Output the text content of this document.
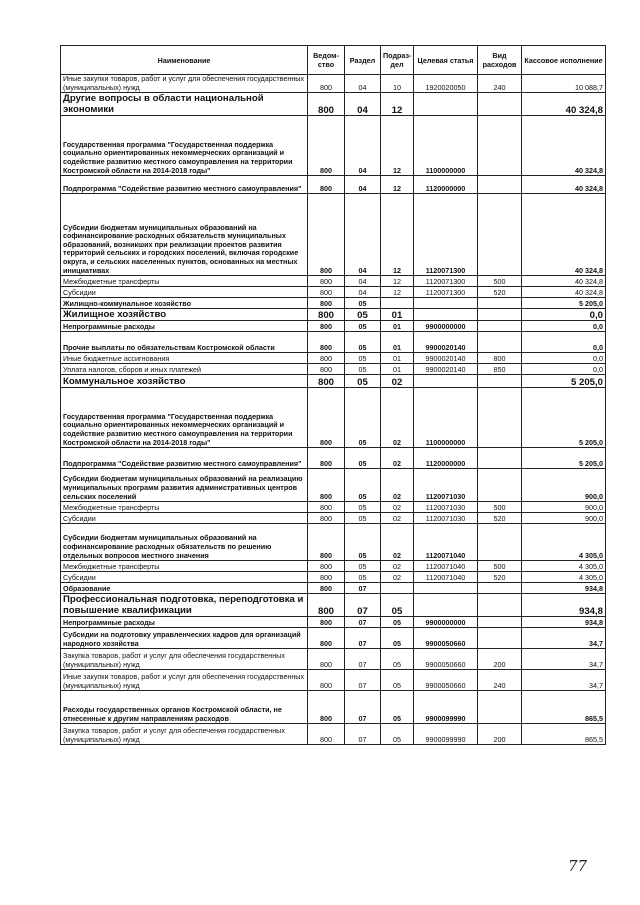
Наименование	Ведом-ство	Раздел	Подраз-дел	Целевая статья	Вид расходов	Кассовое исполнение
Иные закупки товаров, работ и услуг для обеспечения государственных (муниципальных) нужд	800	04	10	1920020050	240	10 088,7
Другие вопросы в области национальной экономики	800	04	12			40 324,8
Государственная программа "Государственная поддержка социально ориентированных некоммерческих организаций и содействие развитию местного самоуправления на территории Костромской области на 2014-2018 годы"	800	04	12	1100000000		40 324,8
Подпрограмма "Содействие развитию местного самоуправления"	800	04	12	1120000000		40 324,8
Субсидии бюджетам муниципальных образований на софинансирование расходных обязательств муниципальных образований, возникших при реализации проектов развития территорий сельских и городских поселений, включая городские округа, и сельских населенных пунктов, основанных на местных инициативах	800	04	12	1120071300		40 324,8
Межбюджетные трансферты	800	04	12	1120071300	500	40 324,8
Субсидии	800	04	12	1120071300	520	40 324,8
Жилищно-коммунальное хозяйство	800	05				5 205,0
Жилищное хозяйство	800	05	01			0,0
Непрограммные расходы	800	05	01	9900000000		0,0
Прочие выплаты по обязательствам Костромской области	800	05	01	9900020140		0,0
Иные бюджетные ассигнования	800	05	01	9900020140	800	0,0
Уплата налогов, сборов и иных платежей	800	05	01	9900020140	850	0,0
Коммунальное хозяйство	800	05	02			5 205,0
Государственная программа "Государственная поддержка социально ориентированных некоммерческих организаций и содействие развитию местного самоуправления на территории Костромской области на 2014-2018 годы"	800	05	02	1100000000		5 205,0
Подпрограмма "Содействие развитию местного самоуправления"	800	05	02	1120000000		5 205,0
Субсидии бюджетам муниципальных образований на реализацию муниципальных программ развития административных центров сельских поселений	800	05	02	1120071030		900,0
Межбюджетные трансферты	800	05	02	1120071030	500	900,0
Субсидии	800	05	02	1120071030	520	900,0
Субсидии бюджетам муниципальных образований на софинансирование расходных обязательств по решению отдельных вопросов местного значения	800	05	02	1120071040		4 305,0
Межбюджетные трансферты	800	05	02	1120071040	500	4 305,0
Субсидии	800	05	02	1120071040	520	4 305,0
Образование	800	07				934,8
Профессиональная подготовка, переподготовка и повышение квалификации	800	07	05			934,8
Непрограммные расходы	800	07	05	9900000000		934,8
Субсидии на подготовку управленческих кадров для организаций народного хозяйства	800	07	05	9900050660		34,7
Закупка товаров, работ и услуг для обеспечения государственных (муниципальных) нужд	800	07	05	9900050660	200	34,7
Иные закупки товаров, работ и услуг для обеспечения государственных (муниципальных) нужд	800	07	05	9900050660	240	34,7
Расходы государственных органов Костромской области, не отнесенные к другим направлениям расходов	800	07	05	9900099990		865,5
Закупка товаров, работ и услуг для обеспечения государственных (муниципальных) нужд	800	07	05	9900099990	200	865,5
77
